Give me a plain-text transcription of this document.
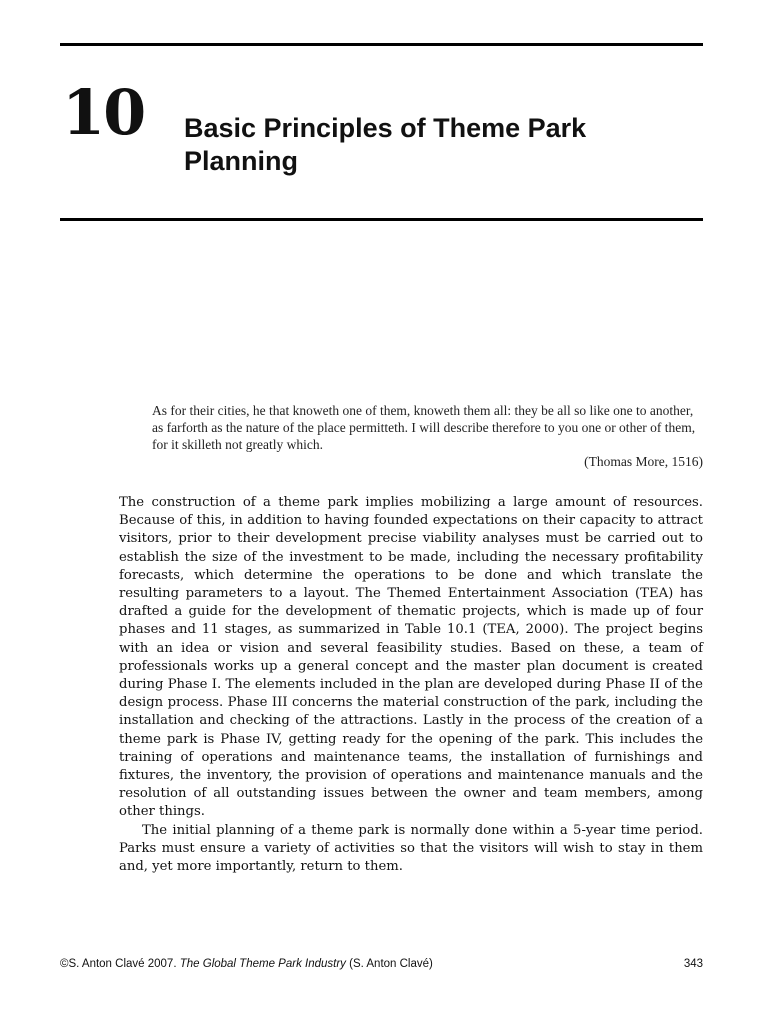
10 Basic Principles of Theme Park Planning

As for their cities, he that knoweth one of them, knoweth them all: they be all so like one to another, as farforth as the nature of the place permitteth. I will describe therefore to you one or other of them, for it skilleth not greatly which.

(Thomas More, 1516)

The construction of a theme park implies mobilizing a large amount of resources. Because of this, in addition to having founded expectations on their capacity to attract visitors, prior to their development precise viability analyses must be carried out to establish the size of the investment to be made, including the necessary profitability forecasts, which determine the operations to be done and which translate the resulting parameters to a layout. The Themed Entertainment Association (TEA) has drafted a guide for the development of thematic projects, which is made up of four phases and 11 stages, as summarized in Table 10.1 (TEA, 2000). The project begins with an idea or vision and several feasibility studies. Based on these, a team of professionals works up a general concept and the master plan document is created during Phase I. The elements included in the plan are developed during Phase II of the design process. Phase III concerns the material construction of the park, including the installation and checking of the attractions. Lastly in the process of the creation of a theme park is Phase IV, getting ready for the opening of the park. This includes the training of operations and maintenance teams, the installation of furnishings and fixtures, the inventory, the provision of operations and maintenance manuals and the resolution of all outstanding issues between the owner and team members, among other things.

The initial planning of a theme park is normally done within a 5-year time period. Parks must ensure a variety of activities so that the visitors will wish to stay in them and, yet more importantly, return to them.

©S. Anton Clavé 2007. The Global Theme Park Industry (S. Anton Clavé)	343
